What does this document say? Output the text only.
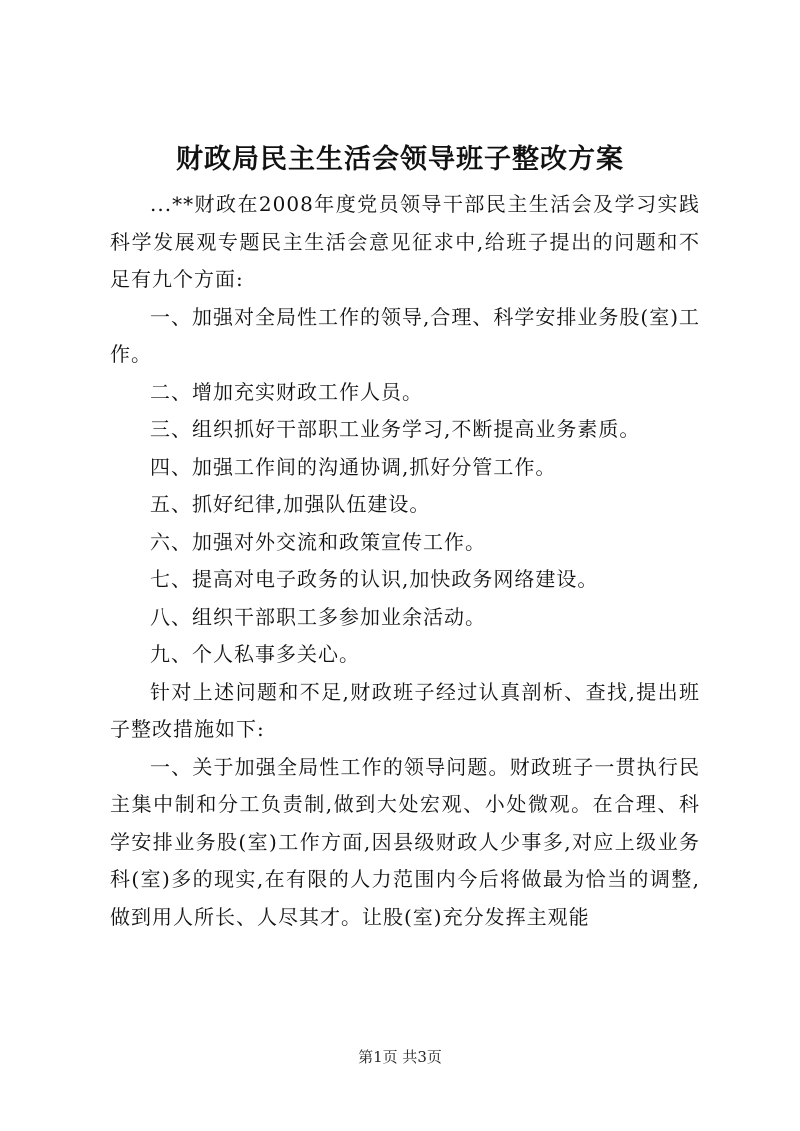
财政局民主生活会领导班子整改方案

...**财政在2008年度党员领导干部民主生活会及学习实践科学发展观专题民主生活会意见征求中,给班子提出的问题和不足有九个方面:

一、加强对全局性工作的领导,合理、科学安排业务股(室)工作。

二、增加充实财政工作人员。

三、组织抓好干部职工业务学习,不断提高业务素质。

四、加强工作间的沟通协调,抓好分管工作。

五、抓好纪律,加强队伍建设。

六、加强对外交流和政策宣传工作。

七、提高对电子政务的认识,加快政务网络建设。

八、组织干部职工多参加业余活动。

九、个人私事多关心。

针对上述问题和不足,财政班子经过认真剖析、查找,提出班子整改措施如下:

一、关于加强全局性工作的领导问题。财政班子一贯执行民主集中制和分工负责制,做到大处宏观、小处微观。在合理、科学安排业务股(室)工作方面,因县级财政人少事多,对应上级业务科(室)多的现实,在有限的人力范围内今后将做最为恰当的调整,做到用人所长、人尽其才。让股(室)充分发挥主观能

第1页 共3页
